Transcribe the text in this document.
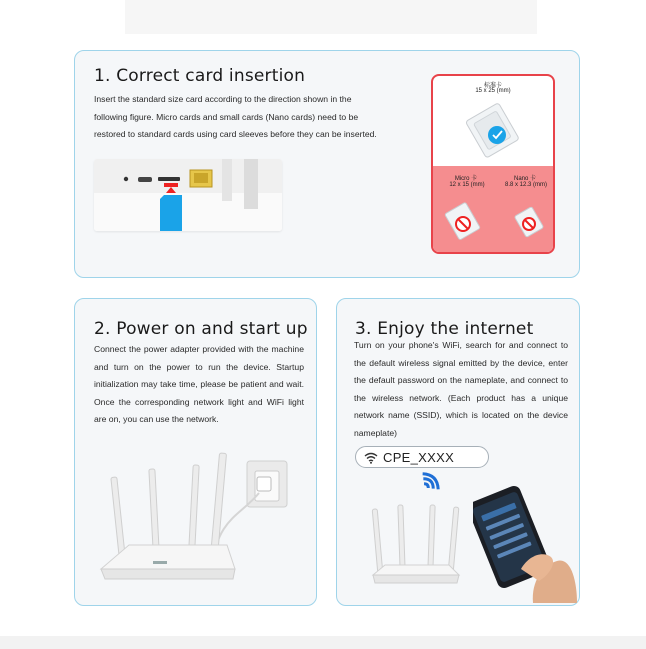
1. Correct card insertion
Insert the standard size card according to the direction shown in the following figure. Micro cards and small cards (Nano cards) need to be restored to standard cards using card sleeves before they can be inserted.
标准卡
15 x 25 (mm)
Micro 卡
12 x 15 (mm)
Nano 卡
8.8 x 12.3 (mm)
2. Power on and start up
Connect the power adapter provided with the machine and turn on the power to run the device. Startup initialization may take time, please be patient and wait. Once the corresponding network light and WiFi light are on, you can use the network.
3. Enjoy the internet
Turn on your phone's WiFi, search for and connect to the default wireless signal emitted by the device, enter the default password on the nameplate, and connect to the wireless network. (Each product has a unique network name (SSID), which is located on the device nameplate)
CPE_XXXX
